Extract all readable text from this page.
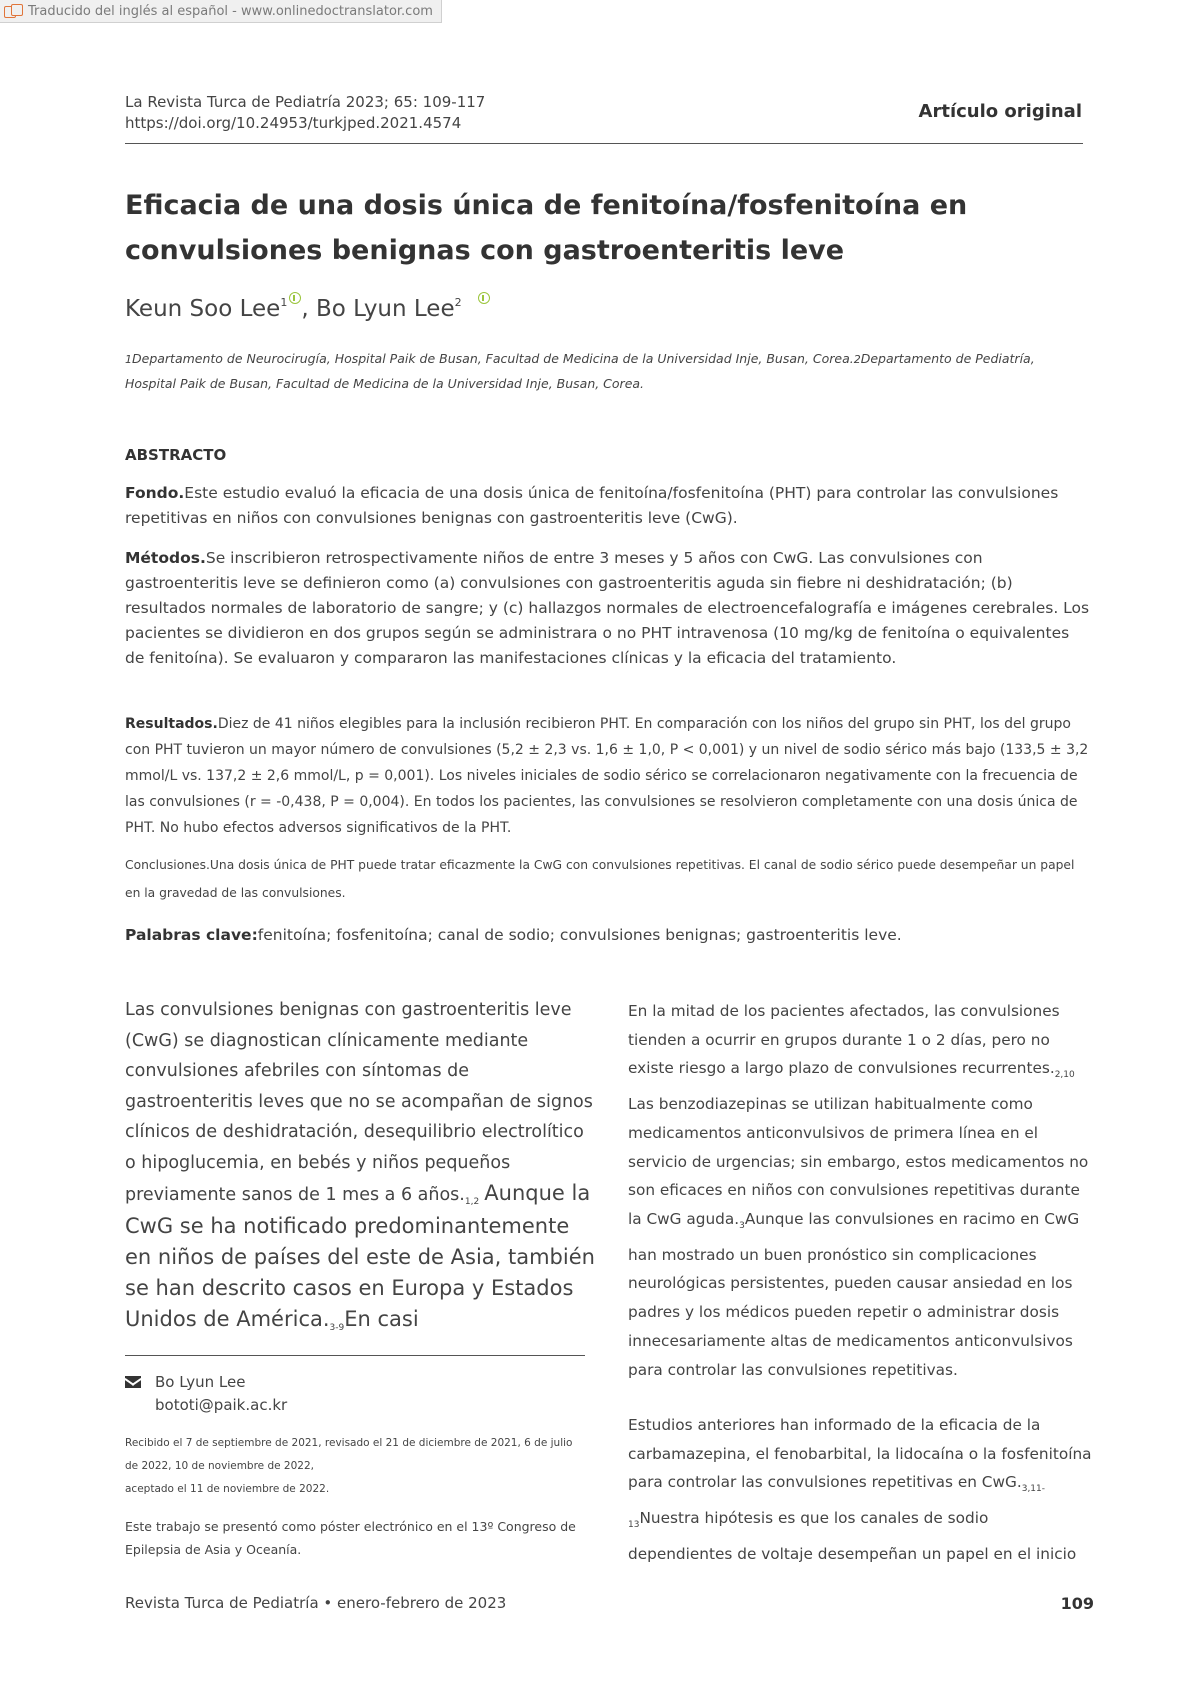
Traducido del inglés al español - www.onlinedoctranslator.com
La Revista Turca de Pediatría 2023; 65: 109-117
https://doi.org/10.24953/turkjped.2021.4574
Artículo original
Eficacia de una dosis única de fenitoína/fosfenitoína en convulsiones benignas con gastroenteritis leve
Keun Soo Lee$^1$ ,
Bo Lyun Lee$^2$

1Departamento de Neurocirugía, Hospital Paik de Busan, Facultad de Medicina de la Universidad Inje, Busan, Corea.2Departamento de Pediatría, Hospital Paik de Busan, Facultad de Medicina de la Universidad Inje, Busan, Corea.
ABSTRACTO
Fondo.Este estudio evaluó la eficacia de una dosis única de fenitoína/fosfenitoína (PHT) para controlar las convulsiones repetitivas en niños con convulsiones benignas con gastroenteritis leve (CwG).
Métodos.Se inscribieron retrospectivamente niños de entre 3 meses y 5 años con CwG. Las convulsiones con gastroenteritis leve se definieron como (a) convulsiones con gastroenteritis aguda sin fiebre ni deshidratación; (b) resultados normales de laboratorio de sangre; y (c) hallazgos normales de electroencefalografía e imágenes cerebrales. Los pacientes se dividieron en dos grupos según se administrara o no PHT intravenosa (10 mg/kg de fenitoína o equivalentes de fenitoína). Se evaluaron y compararon las manifestaciones clínicas y la eficacia del tratamiento.
Resultados.Diez de 41 niños elegibles para la inclusión recibieron PHT. En comparación con los niños del grupo sin PHT, los del grupo con PHT tuvieron un mayor número de convulsiones (5,2 ± 2,3 vs. 1,6 ± 1,0, P < 0,001) y un nivel de sodio sérico más bajo (133,5 ± 3,2 mmol/L vs. 137,2 ± 2,6 mmol/L, p = 0,001). Los niveles iniciales de sodio sérico se correlacionaron negativamente con la frecuencia de las convulsiones (r = -0,438, P = 0,004). En todos los pacientes, las convulsiones se resolvieron completamente con una dosis única de PHT. No hubo efectos adversos significativos de la PHT.
Conclusiones.Una dosis única de PHT puede tratar eficazmente la CwG con convulsiones repetitivas. El canal de sodio sérico puede desempeñar un papel en la gravedad de las convulsiones.
Palabras clave:fenitoína; fosfenitoína; canal de sodio; convulsiones benignas; gastroenteritis leve.
Las convulsiones benignas con gastroenteritis leve (CwG) se diagnostican clínicamente mediante convulsiones afebriles con síntomas de gastroenteritis leves que no se acompañan de signos clínicos de deshidratación, desequilibrio electrolítico o hipoglucemia, en bebés y niños pequeños previamente sanos de 1 mes a 6 $años._{1,2}$ Aunque la CwG se ha notificado predominantemente en niños de países del este de Asia, también se han descrito casos en Europa y Estados Unidos de $América._{3-9}En$ casi
En la mitad de los pacientes afectados, las convulsiones tienden a ocurrir en grupos durante 1 o 2 días, pero no existe riesgo a largo plazo de convulsiones $recurrentes._{2,10}$ Las benzodiazepinas se utilizan habitualmente como medicamentos anticonvulsivos de primera línea en el servicio de urgencias; sin embargo, estos medicamentos no son eficaces en niños con convulsiones repetitivas durante la CwG $aguda._3Aunque$ las convulsiones en racimo en CwG han mostrado un buen pronóstico sin complicaciones neurológicas persistentes, pueden causar ansiedad en los padres y los médicos pueden repetir o administrar dosis innecesariamente altas de medicamentos anticonvulsivos para controlar las convulsiones repetitivas.
Estudios anteriores han informado de la eficacia de la carbamazepina, el fenobarbital, la lidocaína o la fosfenitoína para controlar las convulsiones repetitivas en $CwG._{3,11-13}Nuestra$ hipótesis es que los canales de sodio dependientes de voltaje desempeñan un papel en el inicio
Bo Lyun Lee
bototi@paik.ac.kr
Recibido el 7 de septiembre de 2021, revisado el 21 de diciembre de 2021, 6 de julio de 2022, 10 de noviembre de 2022,
aceptado el 11 de noviembre de 2022.
Este trabajo se presentó como póster electrónico en el 13º Congreso de Epilepsia de Asia y Oceanía.
Revista Turca de Pediatría • enero-febrero de 2023	109
